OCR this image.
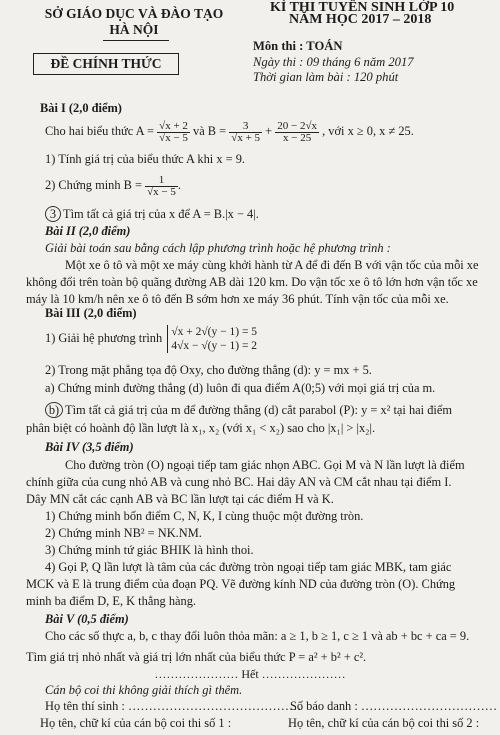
SỞ GIÁO DỤC VÀ ĐÀO TẠO
HÀ NỘI
KÌ THI TUYỂN SINH LỚP 10
NĂM HỌC 2017 – 2018
ĐỀ CHÍNH THỨC
Môn thi : TOÁN
Ngày thi : 09 tháng 6 năm 2017
Thời gian làm bài : 120 phút
Bài I (2,0 điểm)
Cho hai biểu thức $A = \frac{√x + 2}{√x - 5}$ và $B = \frac{3}{√x + 5} + \frac{20 - 2√x}{x - 25}$ , với x ≥ 0, x ≠ 25.
1) Tính giá trị của biểu thức A khi x = 9.
2) Chứng minh $B = \frac{1}{√x - 5}$ .
3 Tìm tất cả giá trị của x để A = B.|x − 4|.
Bài II (2,0 điểm)
Giải bài toán sau bằng cách lập phương trình hoặc hệ phương trình :
Một xe ô tô và một xe máy cùng khởi hành từ A để đi đến B với vận tốc của mỗi xe
không đổi trên toàn bộ quãng đường AB dài 120 km. Do vận tốc xe ô tô lớn hơn vận tốc xe
máy là 10 km/h nên xe ô tô đến B sớm hơn xe máy 36 phút. Tính vận tốc của mỗi xe.
Bài III (2,0 điểm)
1) Giải hệ phương trình √x + 2√(y − 1) = 5
4√x − √(y − 1) = 2
2) Trong mặt phẳng tọa độ Oxy, cho đường thẳng (d): y = mx + 5.
a) Chứng minh đường thẳng (d) luôn đi qua điểm A(0;5) với mọi giá trị của m.
b) Tìm tất cả giá trị của m để đường thẳng (d) cắt parabol (P): y = x² tại hai điểm
phân biệt có hoành độ lần lượt là x₁, x₂ (với x₁ < x₂) sao cho |x₁| > |x₂|.
Bài IV (3,5 điểm)
Cho đường tròn (O) ngoại tiếp tam giác nhọn ABC. Gọi M và N lần lượt là điểm
chính giữa của cung nhỏ AB và cung nhỏ BC. Hai dây AN và CM cắt nhau tại điểm I.
Dây MN cắt các cạnh AB và BC lần lượt tại các điểm H và K.
1) Chứng minh bốn điểm C, N, K, I cùng thuộc một đường tròn.
2) Chứng minh NB² = NK.NM.
3) Chứng minh tứ giác BHIK là hình thoi.
4) Gọi P, Q lần lượt là tâm của các đường tròn ngoại tiếp tam giác MBK, tam giác
MCK và E là trung điểm của đoạn PQ. Vẽ đường kính ND của đường tròn (O). Chứng
minh ba điểm D, E, K thẳng hàng.
Bài V (0,5 điểm)
Cho các số thực a, b, c thay đổi luôn thỏa mãn: a ≥ 1, b ≥ 1, c ≥ 1 và ab + bc + ca = 9.
Tìm giá trị nhỏ nhất và giá trị lớn nhất của biểu thức P = a² + b² + c².
………………… Hết …………………
Cán bộ coi thi không giải thích gì thêm.
Họ tên thí sinh : ……………………………………
Số báo danh : ……………………………
Họ tên, chữ kí của cán bộ coi thi số 1 :	Họ tên, chữ kí của cán bộ coi thi số 2 :
